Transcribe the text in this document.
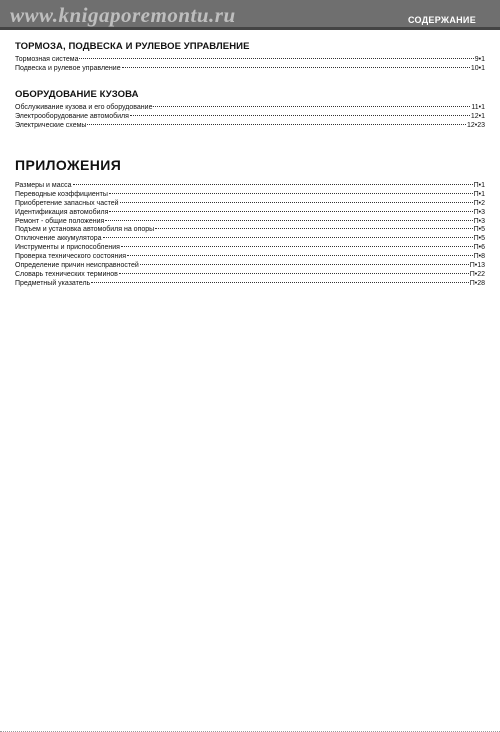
www.knigaporemontu.ru	СОДЕРЖАНИЕ
ТОРМОЗА, ПОДВЕСКА И РУЛЕВОЕ УПРАВЛЕНИЕ
Тормозная система	9•1
Подвеска и рулевое управление	10•1
ОБОРУДОВАНИЕ КУЗОВА
Обслуживание кузова и его оборудование	11•1
Электрооборудование автомобиля	12•1
Электрические схемы	12•23
ПРИЛОЖЕНИЯ
Размеры и масса	П•1
Переводные коэффициенты	П•1
Приобретение запасных частей	П•2
Идентификация автомобиля	П•3
Ремонт - общие положения	П•3
Подъем и установка автомобиля на опоры	П•5
Отключение аккумулятора	П•5
Инструменты и приспособления	П•6
Проверка технического состояния	П•8
Определение причин неисправностей	П•13
Словарь технических терминов	П•22
Предметный указатель	П•28
